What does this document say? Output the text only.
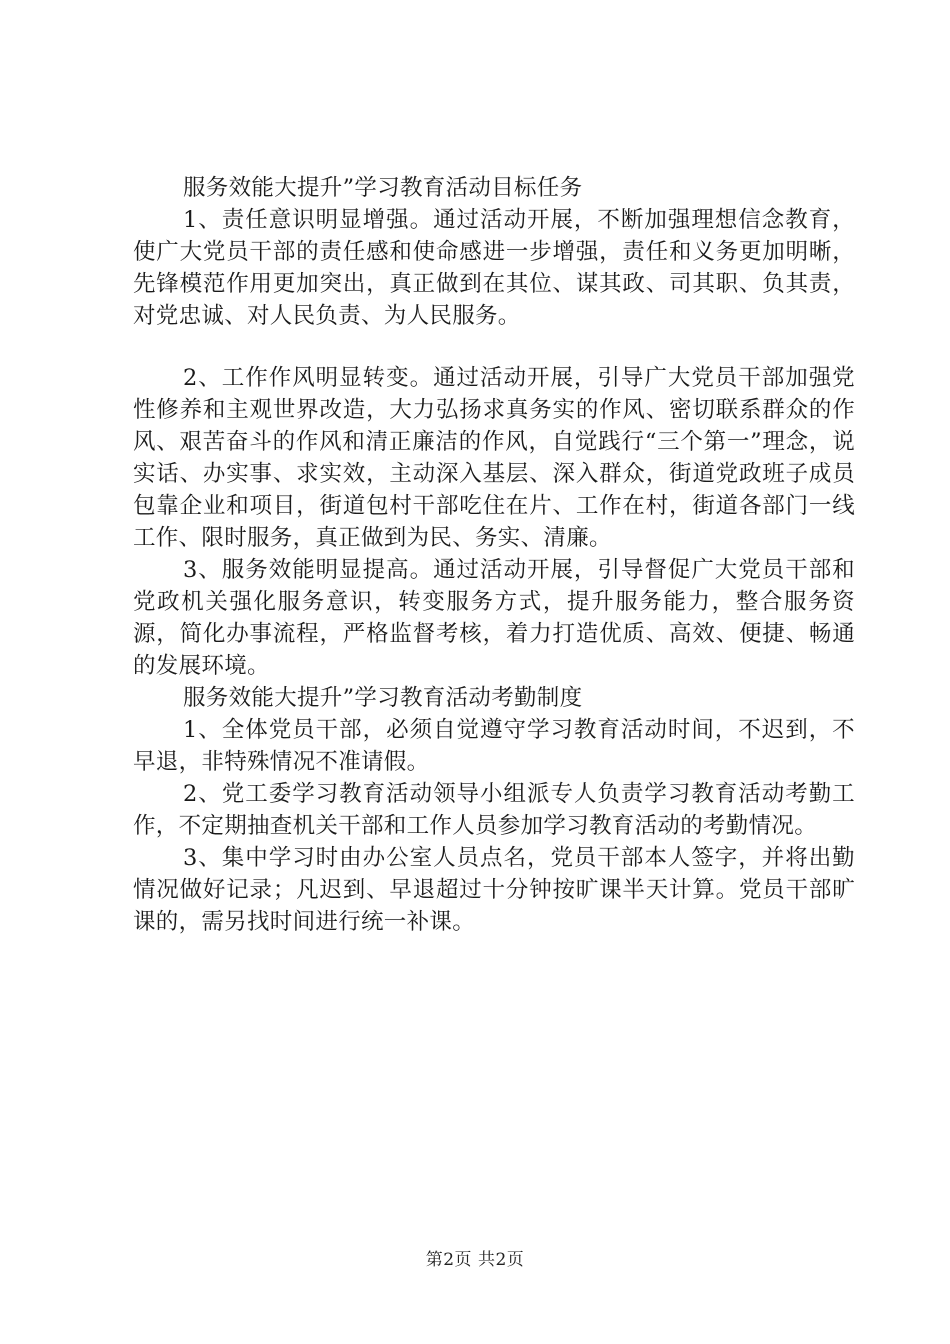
服务效能大提升”学习教育活动目标任务

1、责任意识明显增强。通过活动开展，不断加强理想信念教育，使广大党员干部的责任感和使命感进一步增强，责任和义务更加明晰，先锋模范作用更加突出，真正做到在其位、谋其政、司其职、负其责，对党忠诚、对人民负责、为人民服务。

2、工作作风明显转变。通过活动开展，引导广大党员干部加强党性修养和主观世界改造，大力弘扬求真务实的作风、密切联系群众的作风、艰苦奋斗的作风和清正廉洁的作风，自觉践行“三个第一”理念，说实话、办实事、求实效，主动深入基层、深入群众，街道党政班子成员包靠企业和项目，街道包村干部吃住在片、工作在村，街道各部门一线工作、限时服务，真正做到为民、务实、清廉。

3、服务效能明显提高。通过活动开展，引导督促广大党员干部和党政机关强化服务意识，转变服务方式，提升服务能力，整合服务资源，简化办事流程，严格监督考核，着力打造优质、高效、便捷、畅通的发展环境。

服务效能大提升”学习教育活动考勤制度

1、全体党员干部，必须自觉遵守学习教育活动时间，不迟到，不早退，非特殊情况不准请假。

2、党工委学习教育活动领导小组派专人负责学习教育活动考勤工作，不定期抽查机关干部和工作人员参加学习教育活动的考勤情况。

3、集中学习时由办公室人员点名，党员干部本人签字，并将出勤情况做好记录；凡迟到、早退超过十分钟按旷课半天计算。党员干部旷课的，需另找时间进行统一补课。

第2页 共2页
